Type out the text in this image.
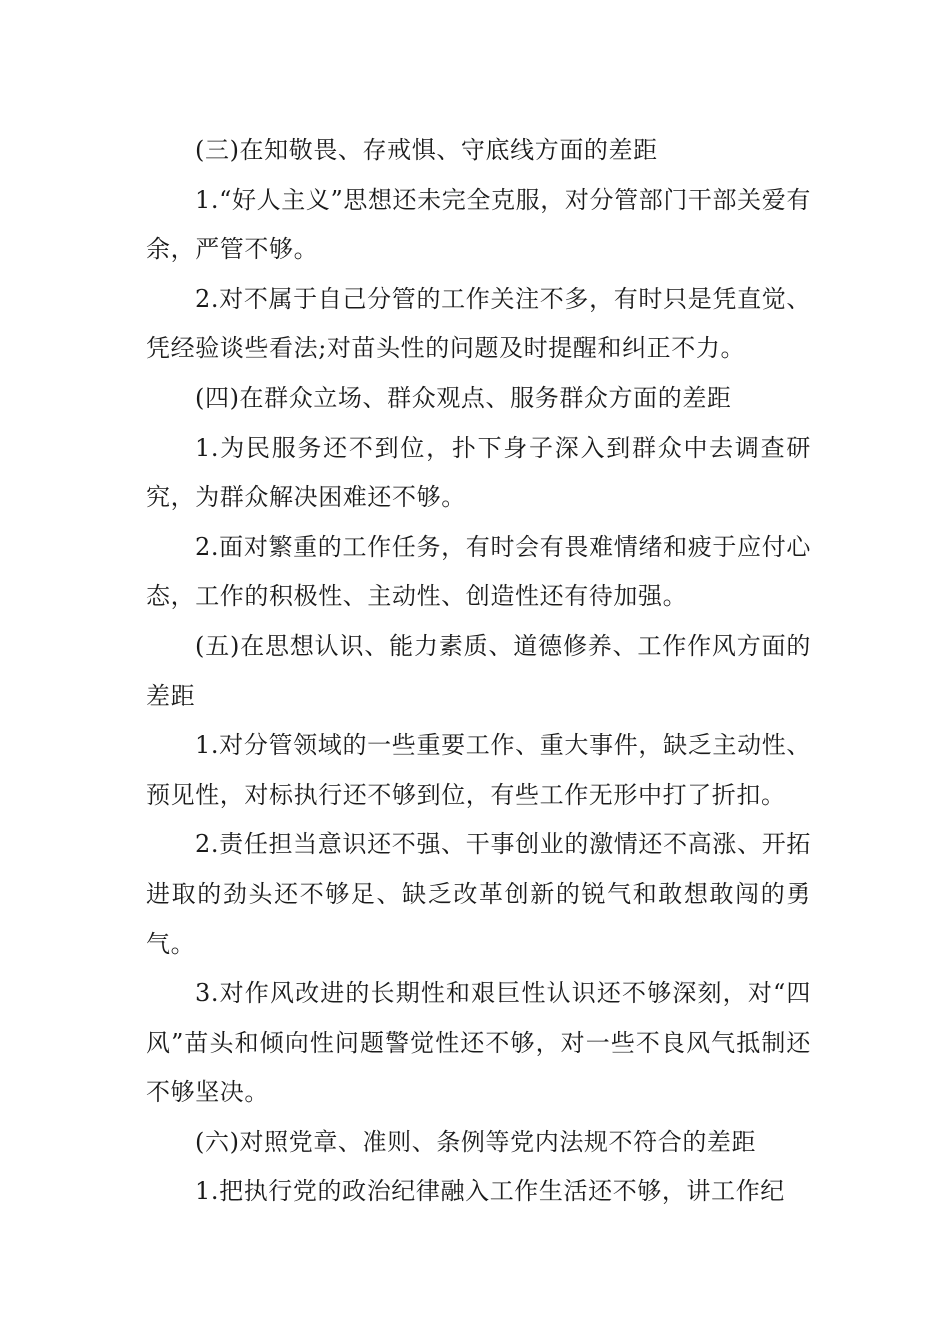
(三)在知敬畏、存戒惧、守底线方面的差距

1.“好人主义”思想还未完全克服，对分管部门干部关爱有余，严管不够。

2.对不属于自己分管的工作关注不多，有时只是凭直觉、凭经验谈些看法;对苗头性的问题及时提醒和纠正不力。

(四)在群众立场、群众观点、服务群众方面的差距

1.为民服务还不到位，扑下身子深入到群众中去调查研究，为群众解决困难还不够。

2.面对繁重的工作任务，有时会有畏难情绪和疲于应付心态，工作的积极性、主动性、创造性还有待加强。

(五)在思想认识、能力素质、道德修养、工作作风方面的差距

1.对分管领域的一些重要工作、重大事件，缺乏主动性、预见性，对标执行还不够到位，有些工作无形中打了折扣。

2.责任担当意识还不强、干事创业的激情还不高涨、开拓进取的劲头还不够足、缺乏改革创新的锐气和敢想敢闯的勇气。

3.对作风改进的长期性和艰巨性认识还不够深刻，对“四风”苗头和倾向性问题警觉性还不够，对一些不良风气抵制还不够坚决。

(六)对照党章、准则、条例等党内法规不符合的差距

1.把执行党的政治纪律融入工作生活还不够，讲工作纪
